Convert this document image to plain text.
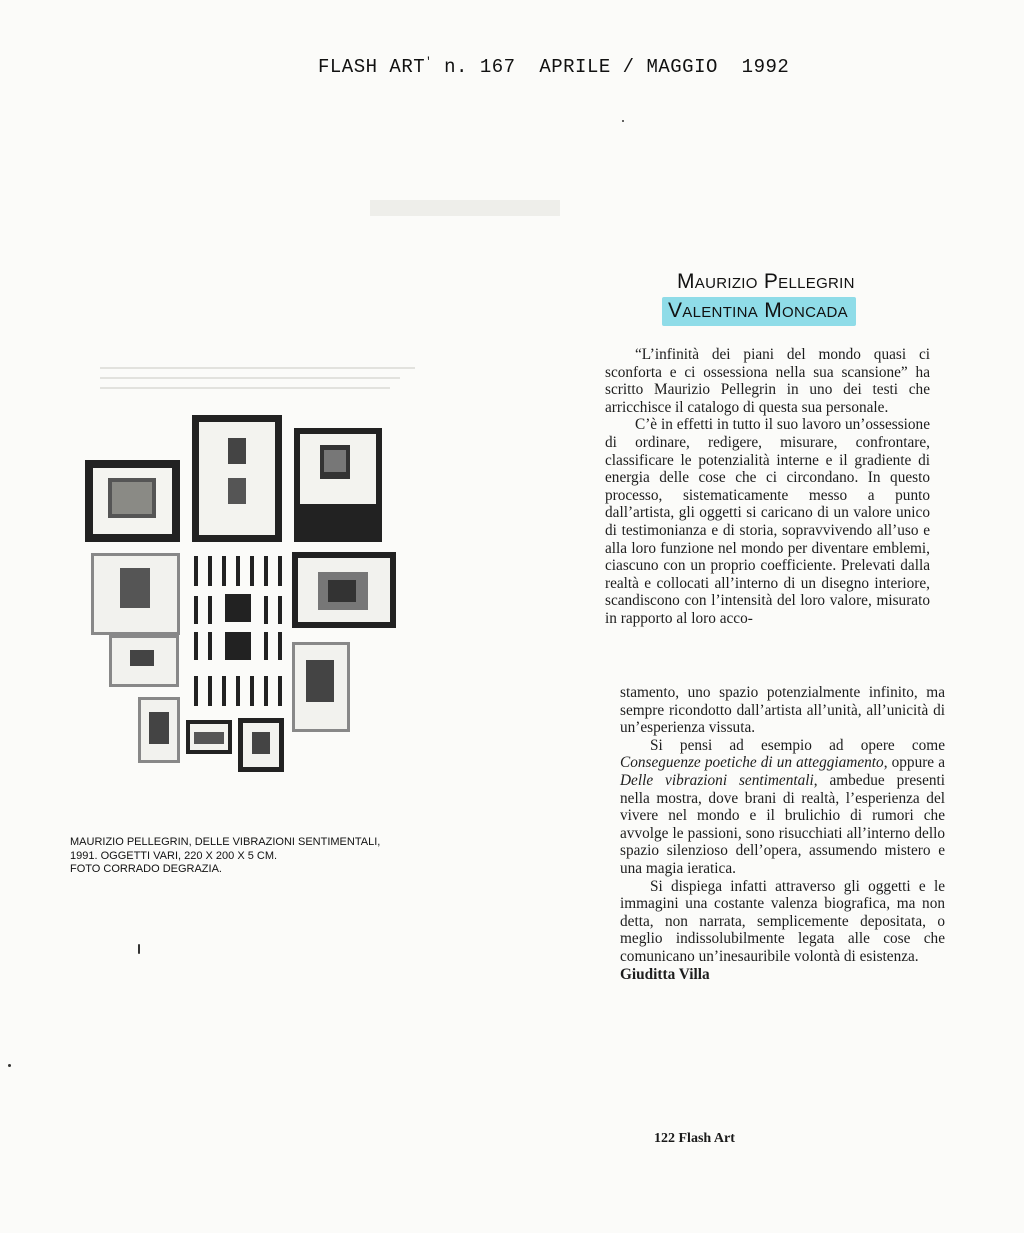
FLASH ART' n. 167  APRILE / MAGGIO  1992
MAURIZIO PELLEGRIN, DELLE VIBRAZIONI SENTIMENTALI,
1991. OGGETTI VARI, 220 X 200 X 5 CM.
FOTO CORRADO DEGRAZIA.
Maurizio Pellegrin
Valentina Moncada

“L’infinità dei piani del mondo quasi ci sconforta e ci ossessiona nella sua scansione” ha scritto Maurizio Pellegrin in uno dei testi che arricchiscе il catalogo di questa sua personale.

C’è in effetti in tutto il suo lavoro un’ossessione di ordinare, redigere, misurare, confrontare, classificare le potenzialità interne e il gradiente di energia delle cose che ci circondano. In questo processo, sistematicamente messo a punto dall’artista, gli oggetti si caricano di un valore unico di testimonianza e di storia, sopravvivendo all’uso e alla loro funzione nel mondo per diventare emblemi, ciascuno con un proprio coefficiente. Prelevati dalla realtà e collocati all’interno di un disegno interiore, scandiscono con l’intensità del loro valore, misurato in rapporto al loro acco-

stamento, uno spazio potenzialmente infinito, ma sempre ricondotto dall’artista all’unità, all’unicità di un’esperienza vissuta.

Si pensi ad esempio ad opere come Conseguenze poetiche di un atteggiamento, oppure a Delle vibrazioni sentimentali, ambedue presenti nella mostra, dove brani di realtà, l’esperienza del vivere nel mondo e il brulichio di rumori che avvolge le passioni, sono risucchiati all’interno dello spazio silenzioso dell’opera, assumendo mistero e una magia ieratica.

Si dispiega infatti attraverso gli oggetti e le immagini una costante valenza biografica, ma non detta, non narrata, semplicemente depositata, o meglio indissolubilmente legata alle cose che comunicano un’inesauribile volontà di esistenza.

Giuditta Villa

122 Flash Art
